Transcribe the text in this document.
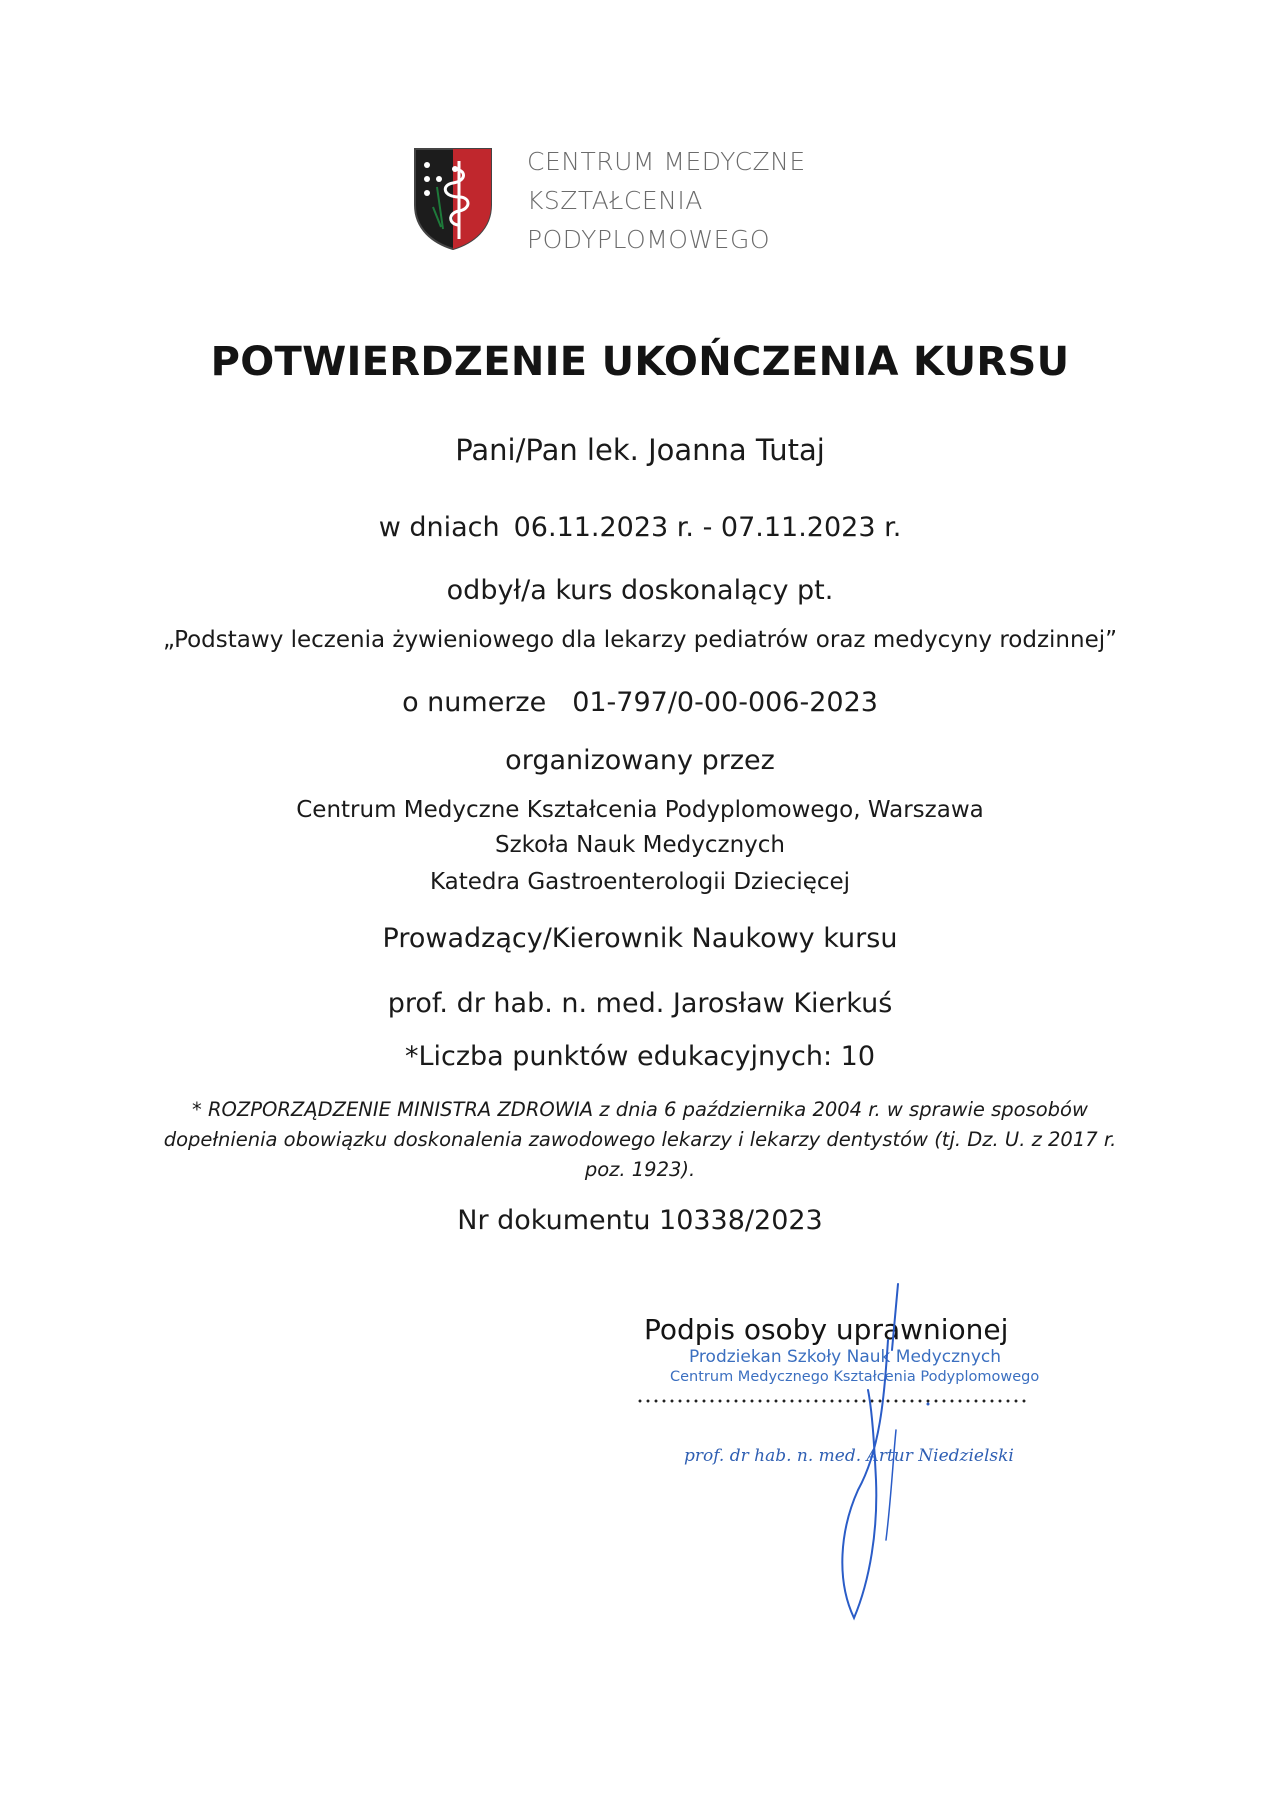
CENTRUM MEDYCZNE
KSZTAŁCENIA
PODYPLOMOWEGO
POTWIERDZENIE UKOŃCZENIA KURSU
Pani/Pan lek. Joanna Tutaj
w dniach 06.11.2023 r. - 07.11.2023 r.
odbył/a kurs doskonalący pt.
„Podstawy leczenia żywieniowego dla lekarzy pediatrów oraz medycyny rodzinnej”
o numerze 01-797/0-00-006-2023
organizowany przez
Centrum Medyczne Kształcenia Podyplomowego, Warszawa
Szkoła Nauk Medycznych
Katedra Gastroenterologii Dziecięcej
Prowadzący/Kierownik Naukowy kursu
prof. dr hab. n. med. Jarosław Kierkuś
*Liczba punktów edukacyjnych: 10
* ROZPORZĄDZENIE MINISTRA ZDROWIA z dnia 6 października 2004 r. w sprawie sposobów
dopełnienia obowiązku doskonalenia zawodowego lekarzy i lekarzy dentystów (tj. Dz. U. z 2017 r.
poz. 1923).
Nr dokumentu 10338/2023
Podpis osoby uprawnionej
Prodziekan Szkoły Nauk Medycznych
Centrum Medycznego Kształcenia Podyplomowego
prof. dr hab. n. med. Artur Niedzielski
